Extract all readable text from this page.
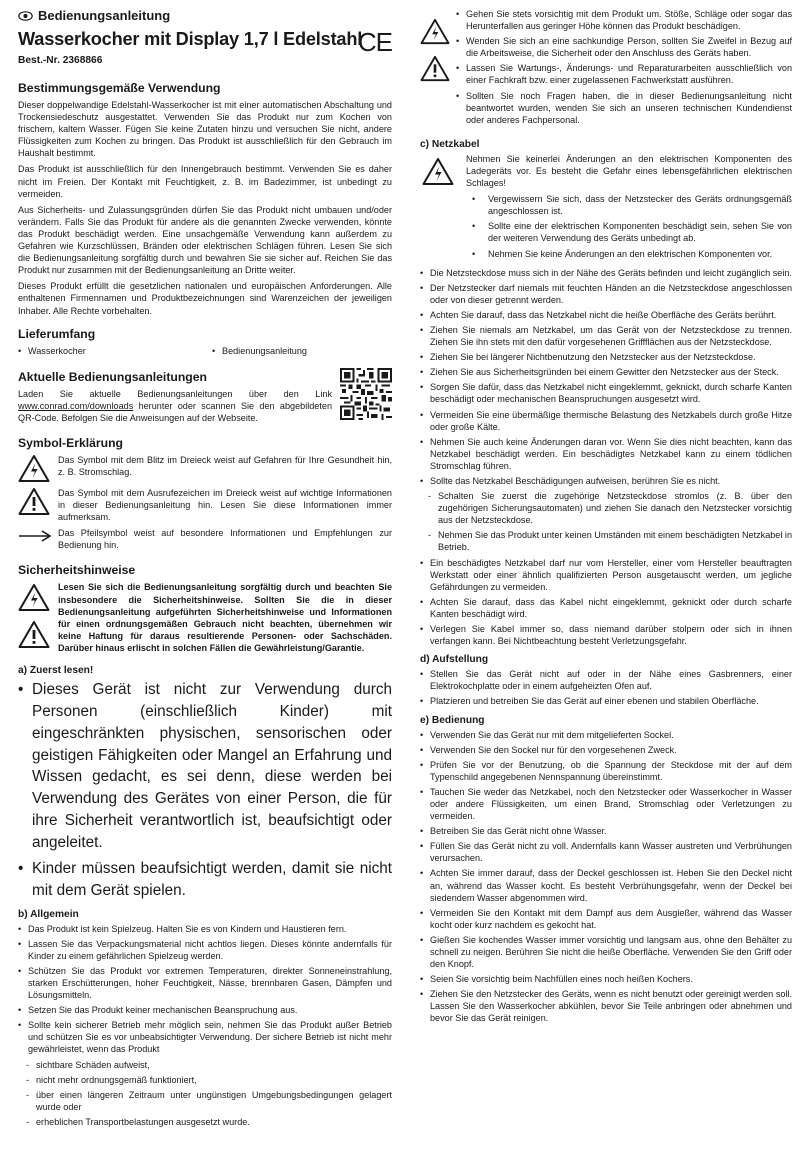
Bedienungsanleitung
Wasserkocher mit Display 1,7 l Edelstahl
Best.-Nr. 2368866
CE
Bestimmungsgemäße Verwendung

Dieser doppelwandige Edelstahl-Wasserkocher ist mit einer automatischen Abschaltung und Trockensiedeschutz ausgestattet. Verwenden Sie das Produkt nur zum Kochen von frischem, kaltem Wasser. Fügen Sie keine Zutaten hinzu und versuchen Sie nicht, andere Flüssigkeiten zum Kochen zu bringen. Das Produkt ist ausschließlich für den Gebrauch im Haushalt bestimmt.

Das Produkt ist ausschließlich für den Innengebrauch bestimmt. Verwenden Sie es daher nicht im Freien. Der Kontakt mit Feuchtigkeit, z. B. im Badezimmer, ist unbedingt zu vermeiden.

Aus Sicherheits- und Zulassungsgründen dürfen Sie das Produkt nicht umbauen und/oder verändern. Falls Sie das Produkt für andere als die genannten Zwecke verwenden, könnte das Produkt beschädigt werden. Eine unsachgemäße Verwendung kann außerdem zu Gefahren wie Kurzschlüssen, Bränden oder elektrischen Schlägen führen. Lesen Sie sich die Bedienungsanleitung sorgfältig durch und bewahren Sie sie sicher auf. Reichen Sie das Produkt nur zusammen mit der Bedienungsanleitung an Dritte weiter.

Dieses Produkt erfüllt die gesetzlichen nationalen und europäischen Anforderungen. Alle enthaltenen Firmennamen und Produktbezeichnungen sind Warenzeichen der jeweiligen Inhaber. Alle Rechte vorbehalten.

Lieferumfang
• Wasserkocher
•	Bedienungsanleitung
Aktuelle Bedienungsanleitungen

Laden Sie aktuelle Bedienungsanleitungen über den Link www.conrad.com/downloads herunter oder scannen Sie den abgebildeten QR-Code. Befolgen Sie die Anweisungen auf der Webseite.

Symbol-Erklärung

Das Symbol mit dem Blitz im Dreieck weist auf Gefahren für Ihre Gesundheit hin, z. B. Stromschlag.

Das Symbol mit dem Ausrufezeichen im Dreieck weist auf wichtige Informationen in dieser Bedienungsanleitung hin. Lesen Sie diese Informationen immer aufmerksam.

Das Pfeilsymbol weist auf besondere Informationen und Empfehlungen zur Bedienung hin.

Sicherheitshinweise

Lesen Sie sich die Bedienungsanleitung sorgfältig durch und beachten Sie insbesondere die Sicherheitshinweise. Sollten Sie die in dieser Bedienungsanleitung aufgeführten Sicherheitshinweise und Informationen für einen ordnungsgemäßen Gebrauch nicht beachten, übernehmen wir keine Haftung für daraus resultierende Personen- oder Sachschäden. Darüber hinaus erlischt in solchen Fällen die Gewährleistung/Garantie.

a) Zuerst lesen!
• Dieses Gerät ist nicht zur Verwendung durch Personen (einschließlich Kinder) mit eingeschränkten physischen, sensorischen oder geistigen Fähigkeiten oder Mangel an Erfahrung und Wissen gedacht, es sei denn, diese werden bei Verwendung des Gerätes von einer Person, die für ihre Sicherheit verantwortlich ist, beaufsichtigt oder angeleitet.
• Kinder müssen beaufsichtigt werden, damit sie nicht mit dem Gerät spielen.
b) Allgemein
• Das Produkt ist kein Spielzeug. Halten Sie es von Kindern und Haustieren fern.
• Lassen Sie das Verpackungsmaterial nicht achtlos liegen. Dieses könnte andernfalls für Kinder zu einem gefährlichen Spielzeug werden.
• Schützen Sie das Produkt vor extremen Temperaturen, direkter Sonneneinstrahlung, starken Erschütterungen, hoher Feuchtigkeit, Nässe, brennbaren Gasen, Dämpfen und Lösungsmitteln.
• Setzen Sie das Produkt keiner mechanischen Beanspruchung aus.
• Sollte kein sicherer Betrieb mehr möglich sein, nehmen Sie das Produkt außer Betrieb und schützen Sie es vor unbeabsichtigter Verwendung. Der sichere Betrieb ist nicht mehr gewährleistet, wenn das Produkt
- sichtbare Schäden aufweist,
- nicht mehr ordnungsgemäß funktioniert,
- über einen längeren Zeitraum unter ungünstigen Umgebungsbedingungen gelagert wurde oder
- erheblichen Transportbelastungen ausgesetzt wurde.
• Gehen Sie stets vorsichtig mit dem Produkt um. Stöße, Schläge oder sogar das Herunterfallen aus geringer Höhe können das Produkt beschädigen.
• Wenden Sie sich an eine sachkundige Person, sollten Sie Zweifel in Bezug auf die Arbeitsweise, die Sicherheit oder den Anschluss des Geräts haben.
• Lassen Sie Wartungs-, Änderungs- und Reparaturarbeiten ausschließlich von einer Fachkraft bzw. einer zugelassenen Fachwerkstatt ausführen.
• Sollten Sie noch Fragen haben, die in dieser Bedienungsanleitung nicht beantwortet wurden, wenden Sie sich an unseren technischen Kundendienst oder anderes Fachpersonal.
c) Netzkabel

Nehmen Sie keinerlei Änderungen an den elektrischen Komponenten des Ladegeräts vor. Es besteht die Gefahr eines lebensgefährlichen elektrischen Schlages!

• Vergewissern Sie sich, dass der Netzstecker des Geräts ordnungsgemäß angeschlossen ist.
• Sollte eine der elektrischen Komponenten beschädigt sein, sehen Sie von der weiteren Verwendung des Geräts unbedingt ab.
• Nehmen Sie keine Änderungen an den elektrischen Komponenten vor.
• Die Netzsteckdose muss sich in der Nähe des Geräts befinden und leicht zugänglich sein.
• Der Netzstecker darf niemals mit feuchten Händen an die Netzsteckdose angeschlossen oder von dieser getrennt werden.
• Achten Sie darauf, dass das Netzkabel nicht die heiße Oberfläche des Geräts berührt.
• Ziehen Sie niemals am Netzkabel, um das Gerät von der Netzsteckdose zu trennen. Ziehen Sie ihn stets mit den dafür vorgesehenen Griffflächen aus der Netzsteckdose.
• Ziehen Sie bei längerer Nichtbenutzung den Netzstecker aus der Netzsteckdose.
• Ziehen Sie aus Sicherheitsgründen bei einem Gewitter den Netzstecker aus der Steck.
• Sorgen Sie dafür, dass das Netzkabel nicht eingeklemmt, geknickt, durch scharfe Kanten beschädigt oder mechanischen Beanspruchungen ausgesetzt wird.
• Vermeiden Sie eine übermäßige thermische Belastung des Netzkabels durch große Hitze oder große Kälte.
• Nehmen Sie auch keine Änderungen daran vor. Wenn Sie dies nicht beachten, kann das Netzkabel beschädigt werden. Ein beschädigtes Netzkabel kann zu einem tödlichen Stromschlag führen.
• Sollte das Netzkabel Beschädigungen aufweisen, berühren Sie es nicht.
- Schalten Sie zuerst die zugehörige Netzsteckdose stromlos (z. B. über den zugehörigen Sicherungsautomaten) und ziehen Sie danach den Netzstecker vorsichtig aus der Netzsteckdose.
- Nehmen Sie das Produkt unter keinen Umständen mit einem beschädigten Netzkabel in Betrieb.
• Ein beschädigtes Netzkabel darf nur vom Hersteller, einer vom Hersteller beauftragten Werkstatt oder einer ähnlich qualifizierten Person ausgetauscht werden, um jegliche Gefährdungen zu vermeiden.
• Achten Sie darauf, dass das Kabel nicht eingeklemmt, geknickt oder durch scharfe Kanten beschädigt wird.
• Verlegen Sie Kabel immer so, dass niemand darüber stolpern oder sich in ihnen verfangen kann. Bei Nichtbeachtung besteht Verletzungsgefahr.
d) Aufstellung
• Stellen Sie das Gerät nicht auf oder in der Nähe eines Gasbrenners, einer Elektrokochplatte oder in einem aufgeheizten Ofen auf.
• Platzieren und betreiben Sie das Gerät auf einer ebenen und stabilen Oberfläche.
e) Bedienung
• Verwenden Sie das Gerät nur mit dem mitgelieferten Sockel.
• Verwenden Sie den Sockel nur für den vorgesehenen Zweck.
• Prüfen Sie vor der Benutzung, ob die Spannung der Steckdose mit der auf dem Typenschild angegebenen Nennspannung übereinstimmt.
• Tauchen Sie weder das Netzkabel, noch den Netzstecker oder Wasserkocher in Wasser oder andere Flüssigkeiten, um einen Brand, Stromschlag oder Verletzungen zu vermeiden.
• Betreiben Sie das Gerät nicht ohne Wasser.
• Füllen Sie das Gerät nicht zu voll. Andernfalls kann Wasser austreten und Verbrühungen verursachen.
• Achten Sie immer darauf, dass der Deckel geschlossen ist. Heben Sie den Deckel nicht an, während das Wasser kocht. Es besteht Verbrühungsgefahr, wenn der Deckel bei siedendem Wasser abgenommen wird.
• Vermeiden Sie den Kontakt mit dem Dampf aus dem Ausgießer, während das Wasser kocht oder kurz nachdem es gekocht hat.
• Gießen Sie kochendes Wasser immer vorsichtig und langsam aus, ohne den Behälter zu schnell zu neigen. Berühren Sie nicht die heiße Oberfläche. Verwenden Sie den Griff oder den Knopf.
• Seien Sie vorsichtig beim Nachfüllen eines noch heißen Kochers.
• Ziehen Sie den Netzstecker des Geräts, wenn es nicht benutzt oder gereinigt werden soll. Lassen Sie den Wasserkocher abkühlen, bevor Sie Teile anbringen oder abnehmen und bevor Sie das Gerät reinigen.
